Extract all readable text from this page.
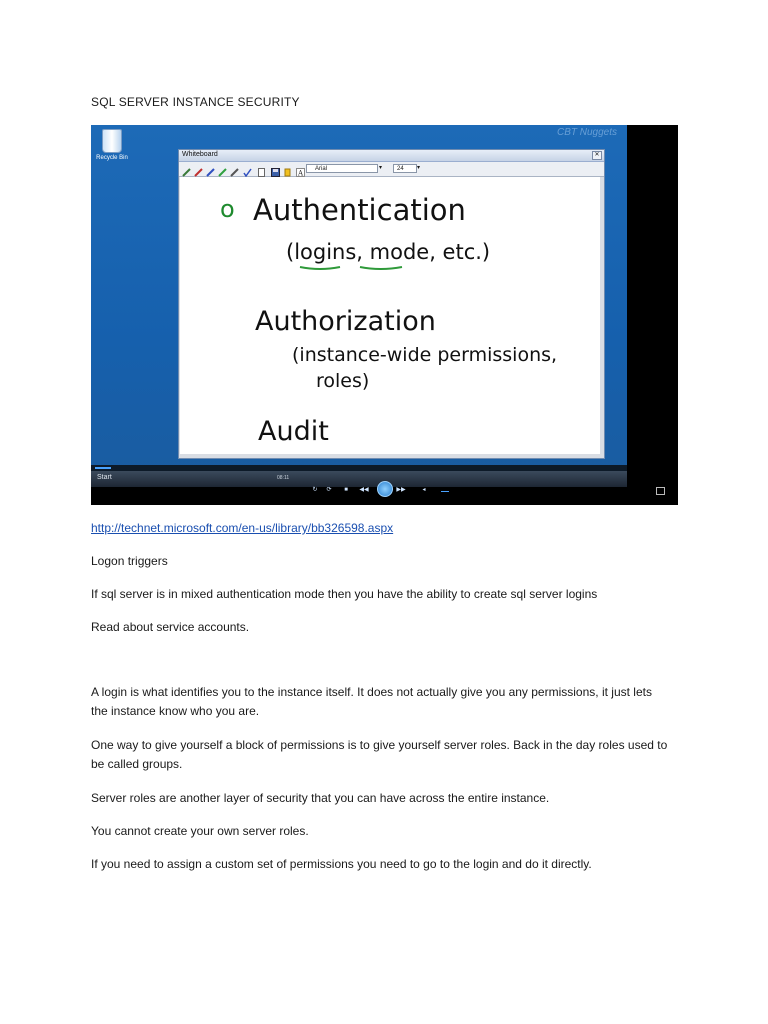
SQL SERVER INSTANCE SECURITY
CBT Nuggets
Recycle Bin	Whiteboard	✕
A
Arial	▾	24	▾
o Authentication
(logins, mode, etc.)
Authorization
(instance-wide permissions,
roles)
Audit
Start	08:11
↻	⟳	■	◀◀	▶▶	◂
http://technet.microsoft.com/en-us/library/bb326598.aspx

Logon triggers

If sql server is in mixed authentication mode then you have the ability to create sql server logins

Read about service accounts.

A login is what identifies you to the instance itself. It does not actually give you any permissions, it just lets the instance know who you are.

One way to give yourself a block of permissions is to give yourself server roles. Back in the day roles used to be called groups.

Server roles are another layer of security that you can have across the entire instance.

You cannot create your own server roles.

If you need to assign a custom set of permissions you need to go to the login and do it directly.
